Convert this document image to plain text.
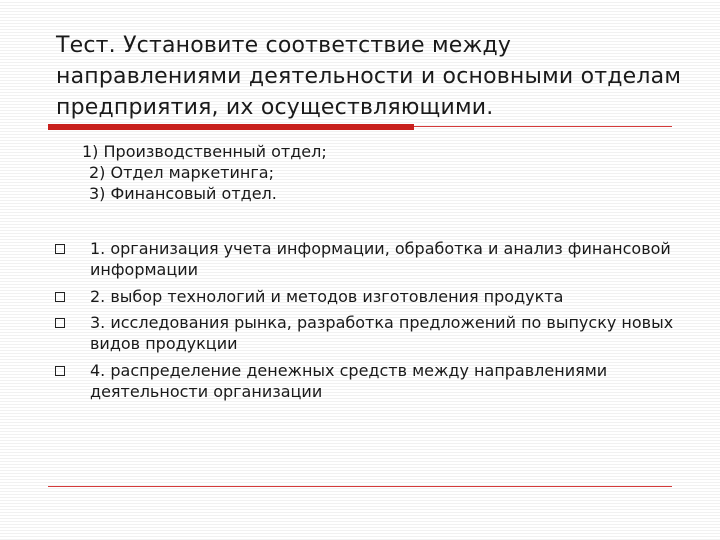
Тест. Установите соответствие между направлениями деятельности и основными отделам предприятия, их осуществляющими.
1) Производственный отдел;
2) Отдел маркетинга;
3) Финансовый отдел.
1. организация учета информации, обработка и анализ финансовой информации
2. выбор технологий и методов изготовления продукта
3. исследования рынка, разработка предложений по выпуску новых видов продукции
4. распределение денежных средств между направлениями деятельности организации
